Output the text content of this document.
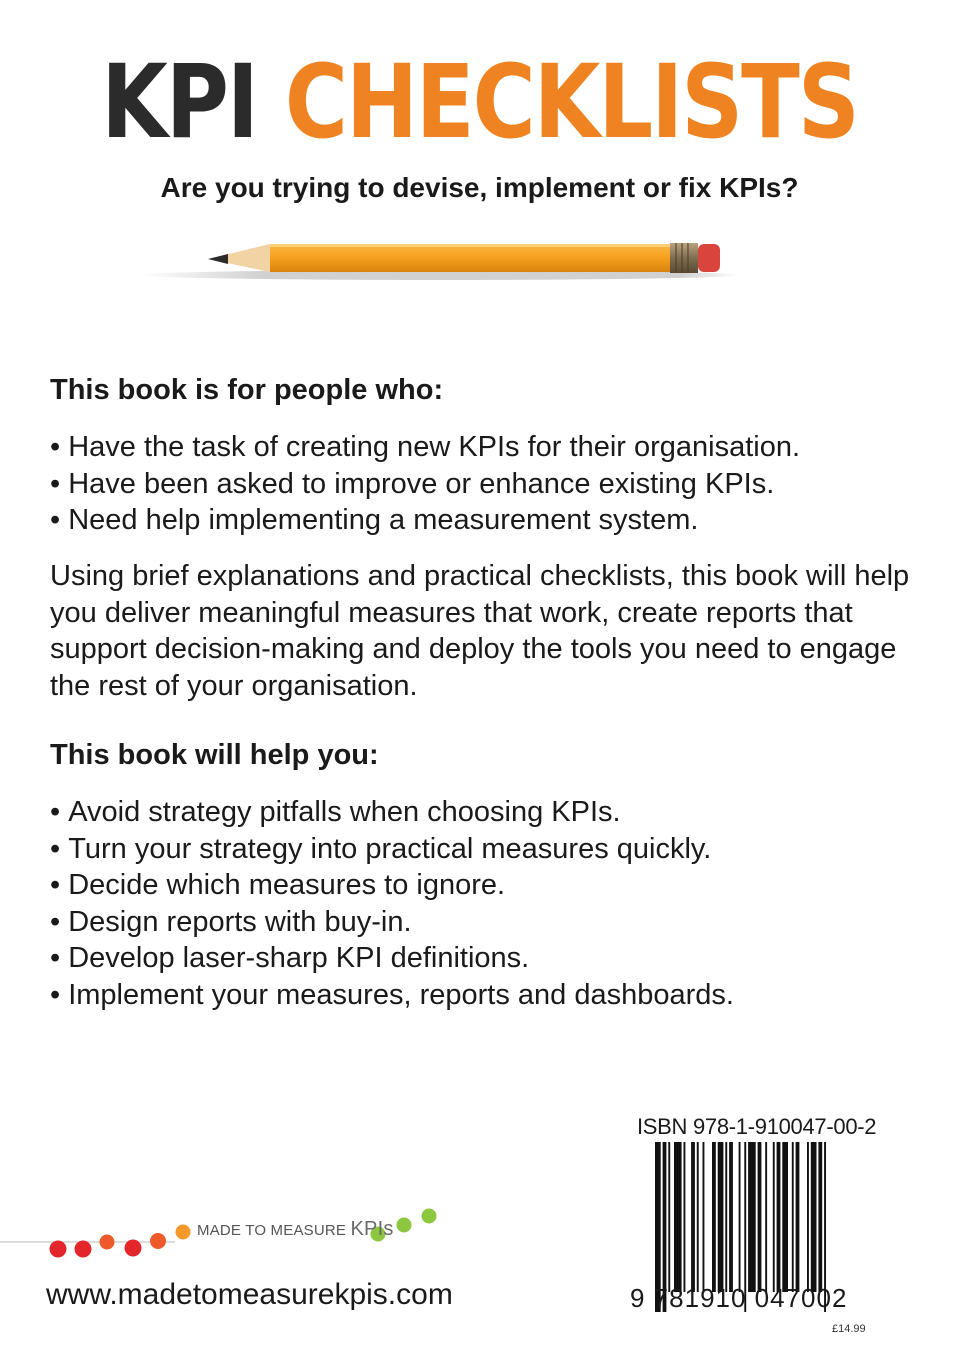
KPI CHECKLISTS
Are you trying to devise, implement or fix KPIs?
This book is for people who:
• Have the task of creating new KPIs for their organisation.
• Have been asked to improve or enhance existing KPIs.
• Need help implementing a measurement system.

Using brief explanations and practical checklists, this book will help you deliver meaningful measures that work, create reports that support decision-making and deploy the tools you need to engage the rest of your organisation.

This book will help you:
• Avoid strategy pitfalls when choosing KPIs.
• Turn your strategy into practical measures quickly.
• Decide which measures to ignore.
• Design reports with buy-in.
• Develop laser-sharp KPI definitions.
• Implement your measures, reports and dashboards.
MADE TO MEASURE KPIs
www.madetomeasurekpis.com
ISBN 978-1-910047-00-2
9 781910 047002
£14.99
